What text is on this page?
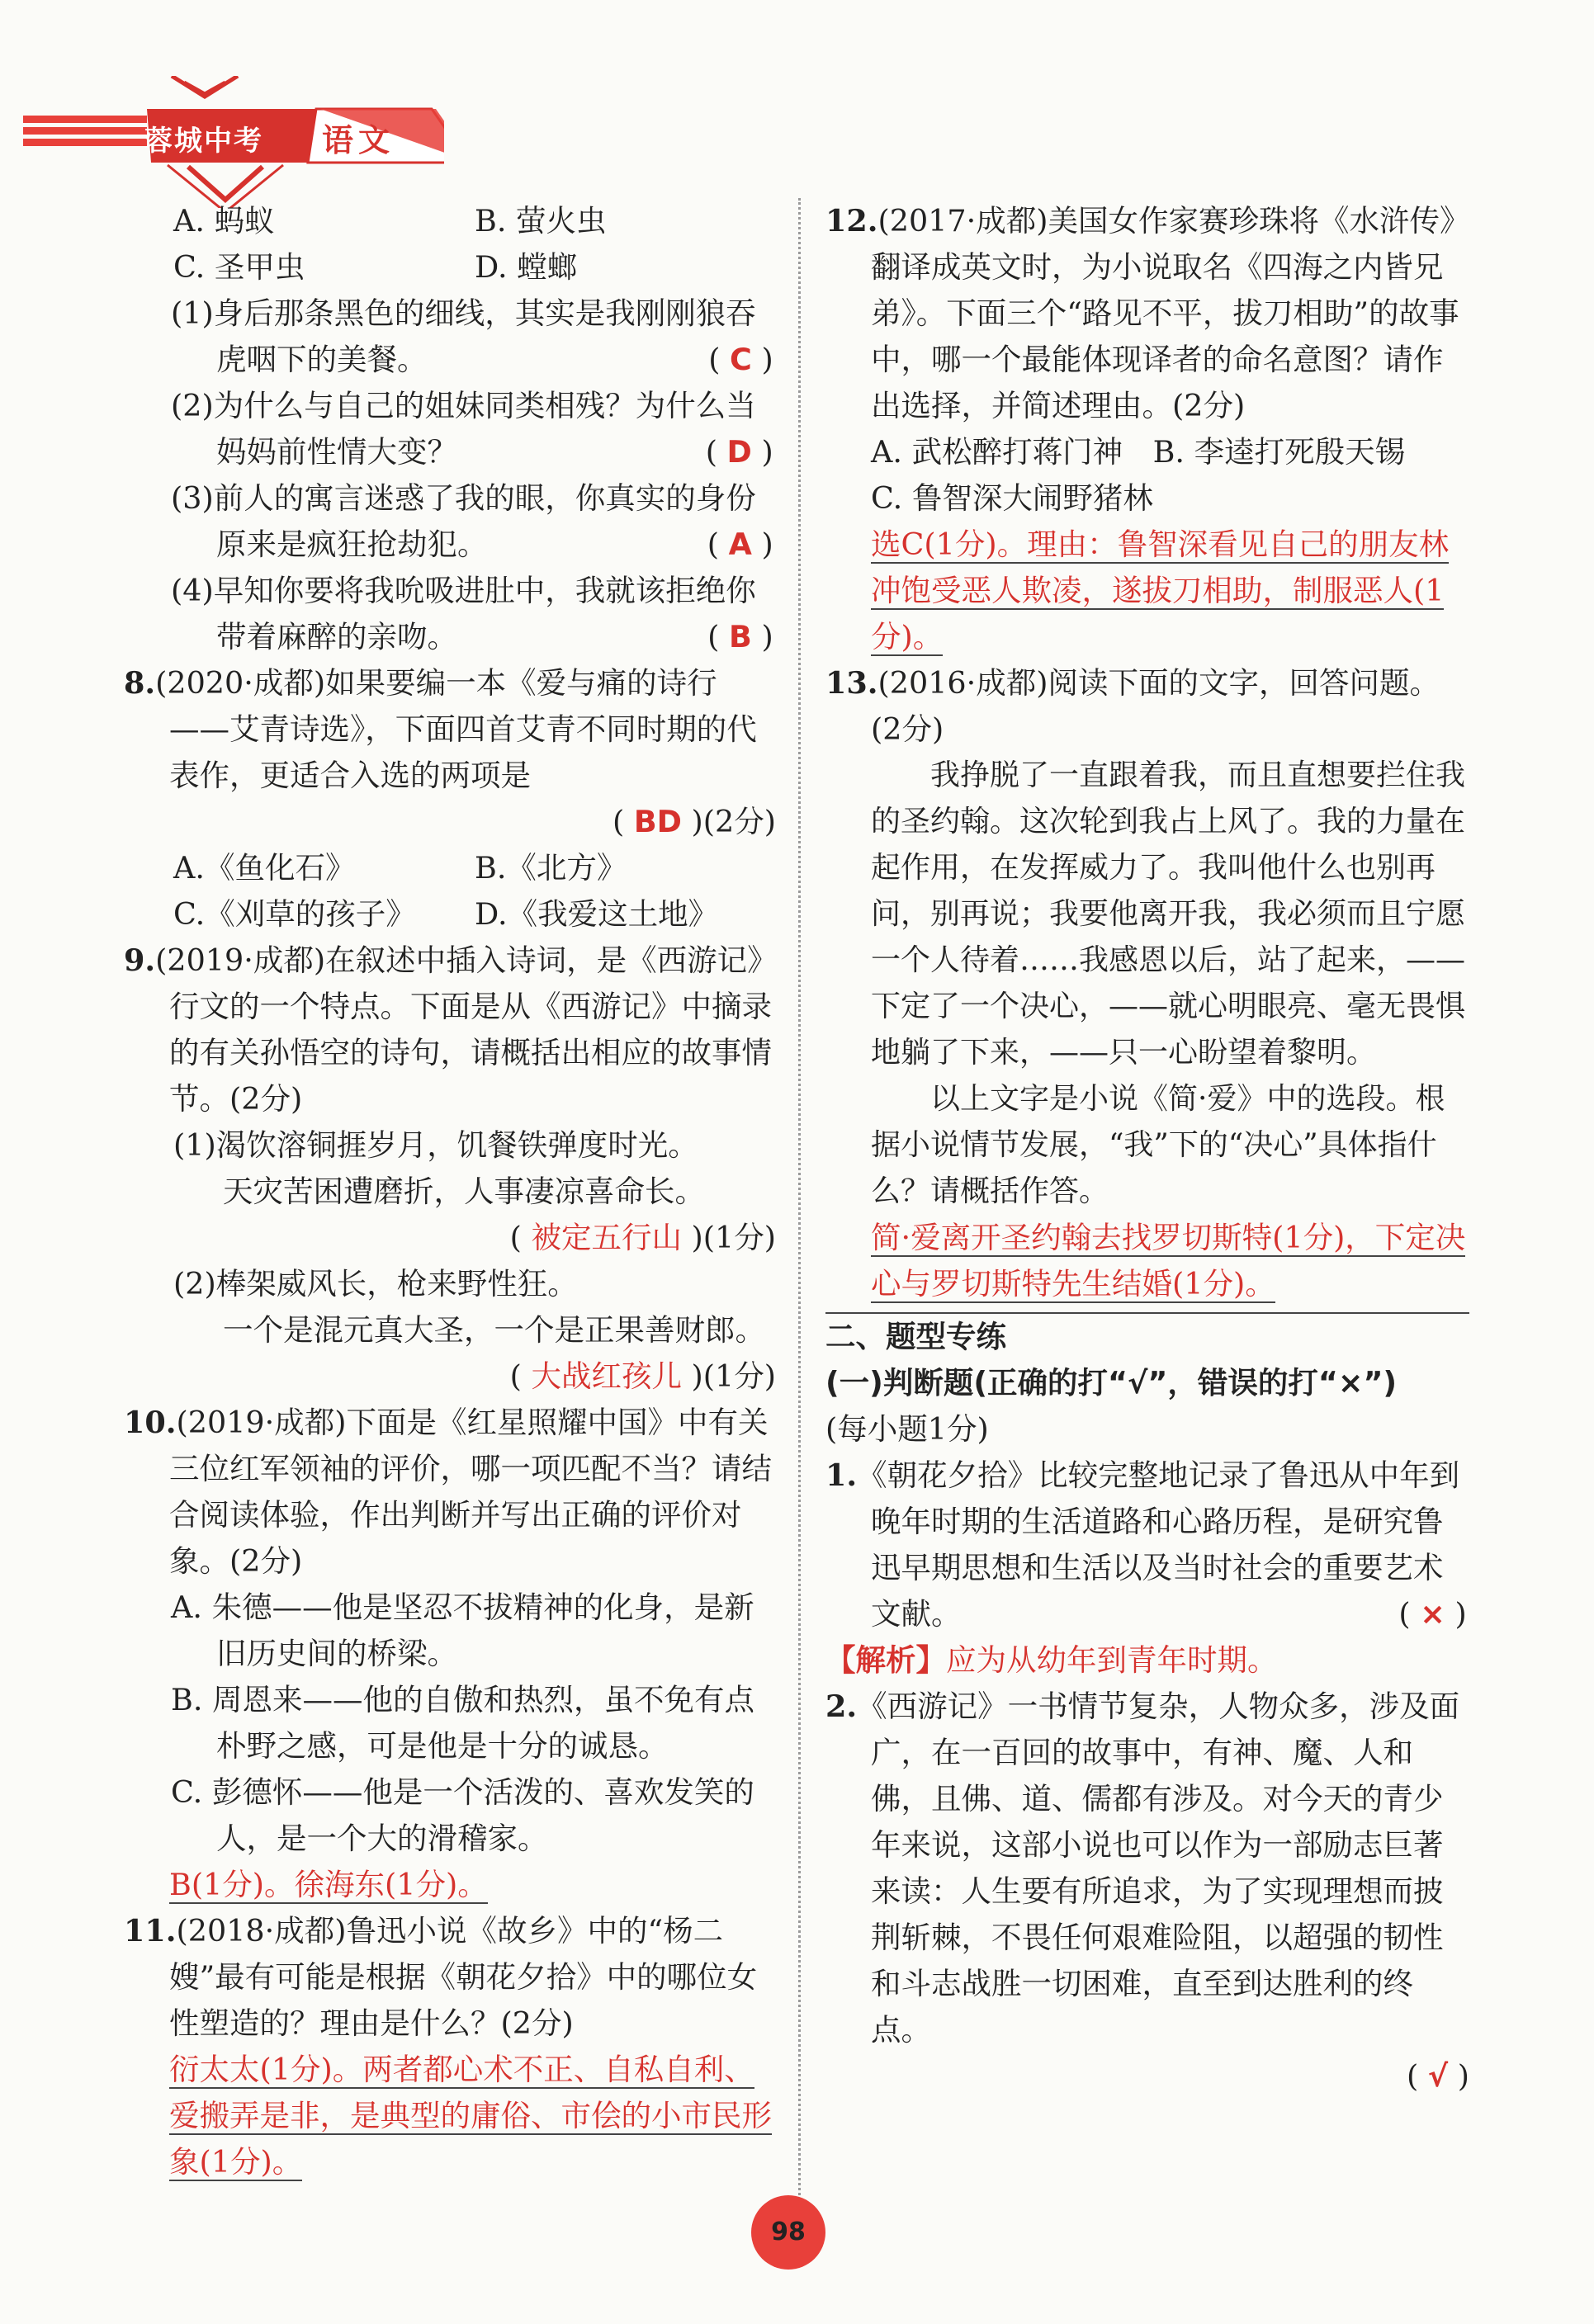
蓉城中考 语文
A. 蚂蚁	B. 萤火虫
C. 圣甲虫	D. 螳螂
(1)身后那条黑色的细线，其实是我刚刚狼吞虎咽下的美餐。	( C )
(2)为什么与自己的姐妹同类相残？为什么当妈妈前性情大变？	( D )
(3)前人的寓言迷惑了我的眼，你真实的身份原来是疯狂抢劫犯。	( A )
(4)早知你要将我吮吸进肚中，我就该拒绝你带着麻醉的亲吻。	( B )
8.(2020·成都)如果要编一本《爱与痛的诗行——艾青诗选》，下面四首艾青不同时期的代表作，更适合入选的两项是
( BD )(2分)
A.《鱼化石》	B.《北方》
C.《刈草的孩子》	D.《我爱这土地》
9.(2019·成都)在叙述中插入诗词，是《西游记》行文的一个特点。下面是从《西游记》中摘录的有关孙悟空的诗句，请概括出相应的故事情节。(2分)
(1)渴饮溶铜捱岁月，饥餐铁弹度时光。
天灾苦困遭磨折，人事凄凉喜命长。
( 被定五行山 )(1分)
(2)棒架威风长，枪来野性狂。
一个是混元真大圣，一个是正果善财郎。
( 大战红孩儿 )(1分)
10.(2019·成都)下面是《红星照耀中国》中有关三位红军领袖的评价，哪一项匹配不当？请结合阅读体验，作出判断并写出正确的评价对象。(2分)
A. 朱德——他是坚忍不拔精神的化身，是新旧历史间的桥梁。
B. 周恩来——他的自傲和热烈，虽不免有点朴野之感，可是他是十分的诚恳。
C. 彭德怀——他是一个活泼的、喜欢发笑的人，是一个大的滑稽家。
B(1分)。徐海东(1分)。
11.(2018·成都)鲁迅小说《故乡》中的“杨二嫂”最有可能是根据《朝花夕拾》中的哪位女性塑造的？理由是什么？(2分)
衍太太(1分)。两者都心术不正、自私自利、爱搬弄是非，是典型的庸俗、市侩的小市民形象(1分)。
12.(2017·成都)美国女作家赛珍珠将《水浒传》翻译成英文时，为小说取名《四海之内皆兄弟》。下面三个“路见不平，拔刀相助”的故事中，哪一个最能体现译者的命名意图？请作出选择，并简述理由。(2分)
A. 武松醉打蒋门神　 B. 李逵打死殷天锡
C. 鲁智深大闹野猪林
选C(1分)。理由：鲁智深看见自己的朋友林冲饱受恶人欺凌，遂拔刀相助，制服恶人(1分)。
13.(2016·成都)阅读下面的文字，回答问题。(2分)

我挣脱了一直跟着我，而且直想要拦住我的圣约翰。这次轮到我占上风了。我的力量在起作用，在发挥威力了。我叫他什么也别再问，别再说；我要他离开我，我必须而且宁愿一个人待着……我感恩以后，站了起来，——下定了一个决心，——就心明眼亮、毫无畏惧地躺了下来，——只一心盼望着黎明。

以上文字是小说《简·爱》中的选段。根据小说情节发展，“我”下的“决心”具体指什么？请概括作答。

简·爱离开圣约翰去找罗切斯特(1分)，下定决心与罗切斯特先生结婚(1分)。
二、题型专练
(一)判断题(正确的打“√”，错误的打“×”)
(每小题1分)
1.《朝花夕拾》比较完整地记录了鲁迅从中年到晚年时期的生活道路和心路历程，是研究鲁迅早期思想和生活以及当时社会的重要艺术文献。	( × )
【解析】应为从幼年到青年时期。
2.《西游记》一书情节复杂，人物众多，涉及面广，在一百回的故事中，有神、魔、人和佛，且佛、道、儒都有涉及。对今天的青少年来说，这部小说也可以作为一部励志巨著来读：人生要有所追求，为了实现理想而披荆斩棘，不畏任何艰难险阻，以超强的韧性和斗志战胜一切困难，直至到达胜利的终点。
( √ )
98
